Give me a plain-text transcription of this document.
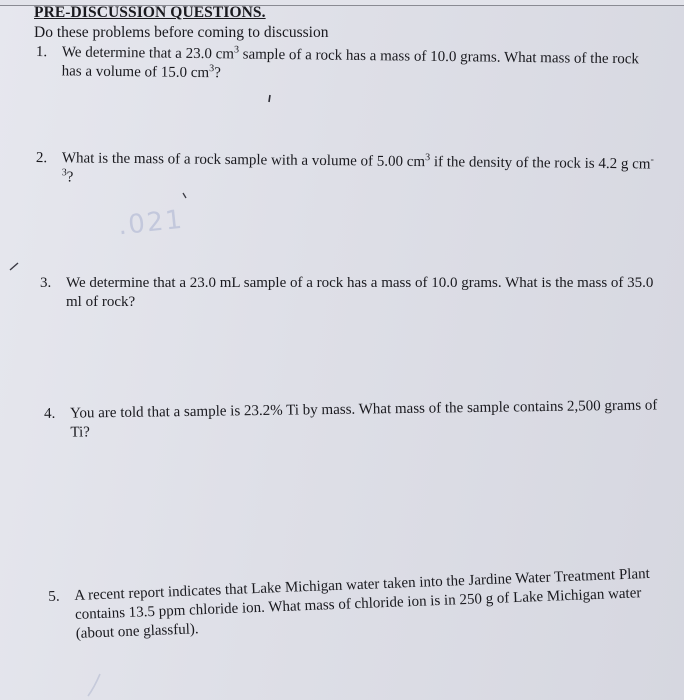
PRE-DISCUSSION QUESTIONS.
Do these problems before coming to discussion
1. We determine that a 23.0 $cm^3$ sample of a rock has a mass of 10.0 grams. What mass of the rock has a volume of 15.0 $cm^3$?
2. What is the mass of a rock sample with a volume of 5.00 $cm^3$ if the density of the rock is 4.2 g $cm^{-3}$?
.021
3. We determine that a 23.0 mL sample of a rock has a mass of 10.0 grams. What is the mass of 35.0 ml of rock?
4. You are told that a sample is 23.2% Ti by mass. What mass of the sample contains 2,500 grams of Ti?
5. A recent report indicates that Lake Michigan water taken into the Jardine Water Treatment Plant contains 13.5 ppm chloride ion. What mass of chloride ion is in 250 g of Lake Michigan water (about one glassful).
